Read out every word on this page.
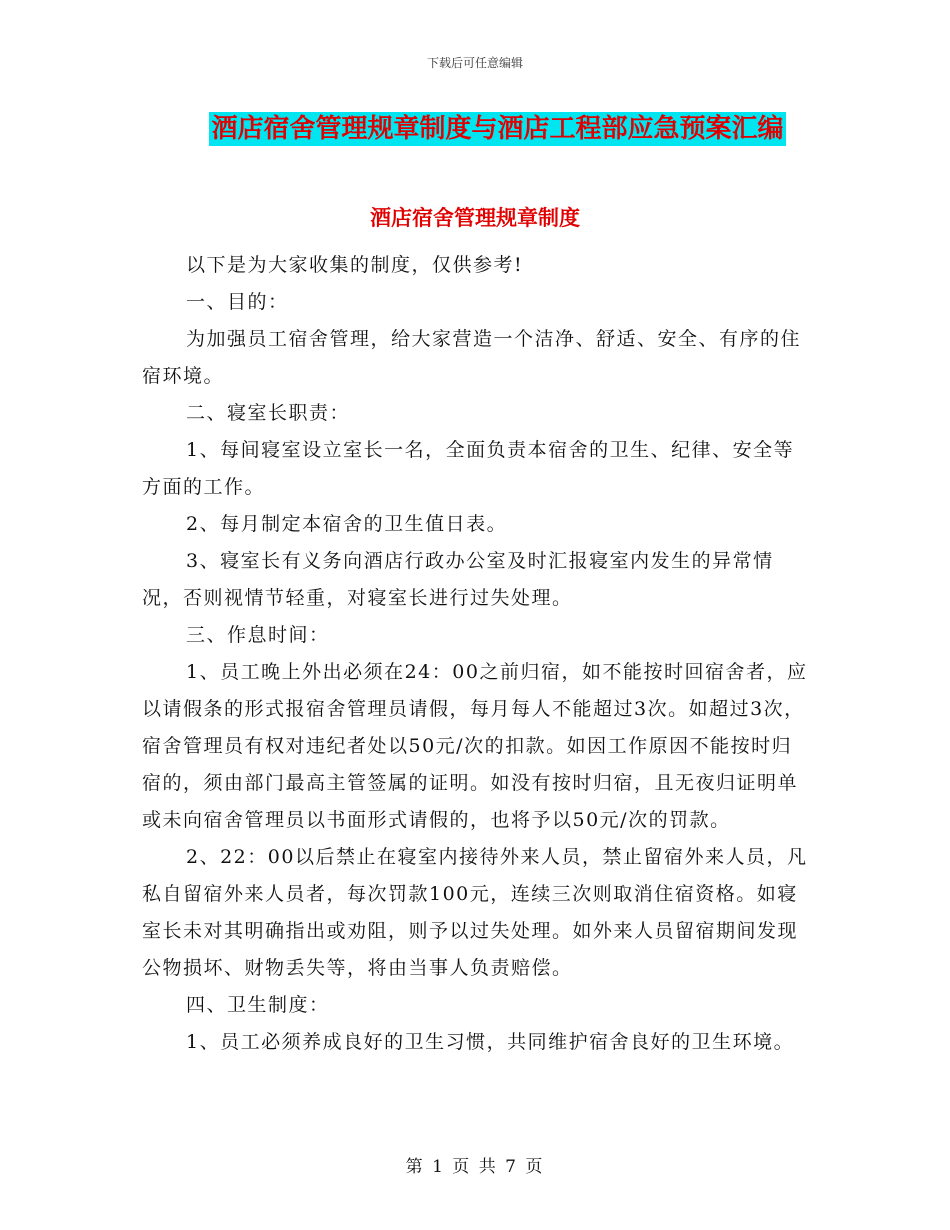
下载后可任意编辑
酒店宿舍管理规章制度与酒店工程部应急预案汇编
酒店宿舍管理规章制度

以下是为大家收集的制度，仅供参考!

一、目的：

为加强员工宿舍管理，给大家营造一个洁净、舒适、安全、有序的住宿环境。

二、寝室长职责：

1、每间寝室设立室长一名，全面负责本宿舍的卫生、纪律、安全等方面的工作。

2、每月制定本宿舍的卫生值日表。

3、寝室长有义务向酒店行政办公室及时汇报寝室内发生的异常情况，否则视情节轻重，对寝室长进行过失处理。

三、作息时间：

1、员工晚上外出必须在24：00之前归宿，如不能按时回宿舍者，应以请假条的形式报宿舍管理员请假，每月每人不能超过3次。如超过3次，宿舍管理员有权对违纪者处以50元/次的扣款。如因工作原因不能按时归宿的，须由部门最高主管签属的证明。如没有按时归宿，且无夜归证明单或未向宿舍管理员以书面形式请假的，也将予以50元/次的罚款。

2、22：00以后禁止在寝室内接待外来人员，禁止留宿外来人员，凡私自留宿外来人员者，每次罚款100元，连续三次则取消住宿资格。如寝室长未对其明确指出或劝阻，则予以过失处理。如外来人员留宿期间发现公物损坏、财物丢失等，将由当事人负责赔偿。

四、卫生制度：

1、员工必须养成良好的卫生习惯，共同维护宿舍良好的卫生环境。

第 1 页 共 7 页
